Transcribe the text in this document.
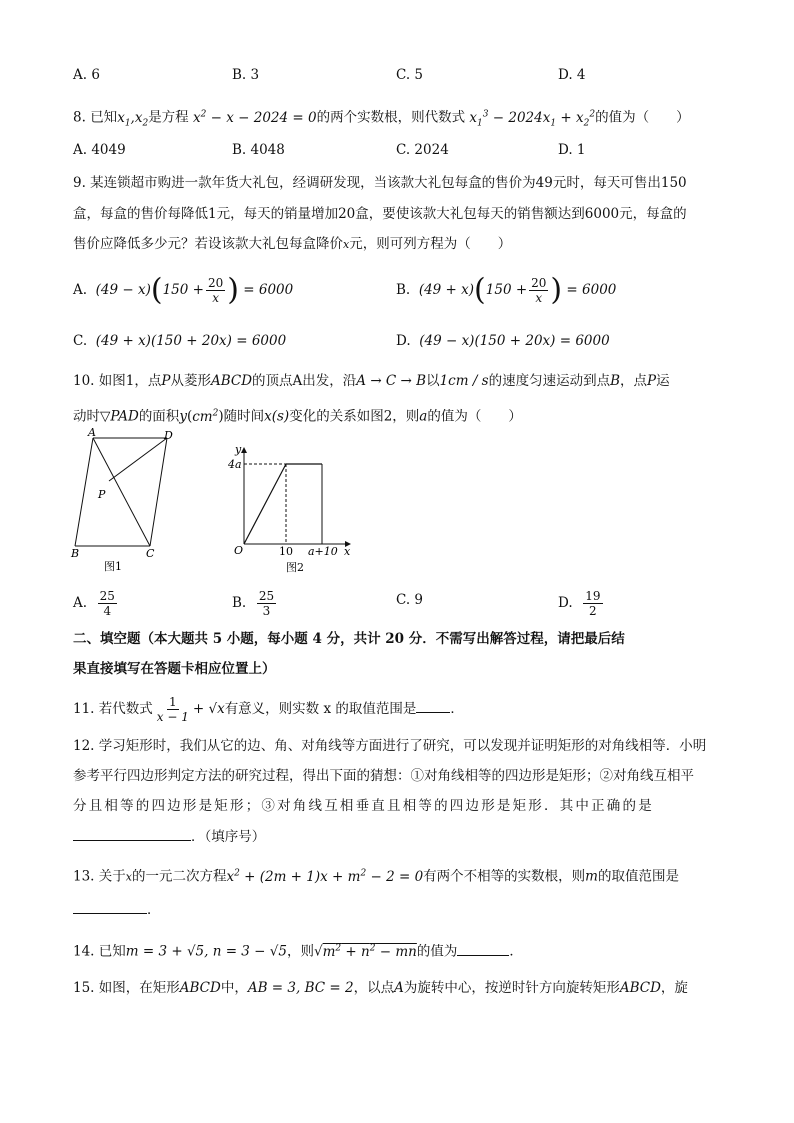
A. 6	B. 3	C. 5	D. 4
8. 已知$x_1,x_2$是方程 $x^2 - x - 2024 = 0$的两个实数根，则代数式 $x_1^3 - 2024x_1 + x_2^2$的值为（　　）
A. 4049	B. 4048	C. 2024	D. 1
9. 某连锁超市购进一款年货大礼包，经调研发现，当该款大礼包每盒的售价为49元时，每天可售出150
盒，每盒的售价每降低1元，每天的销量增加20盒，要使该款大礼包每天的销售额达到6000元，每盒的
售价应降低多少元？若设该款大礼包每盒降价x元，则可列方程为（　　）
A. $(49 - x)(150 + \frac{20}{x}$ ) = 6000	B. $(49 + x)(150 + \frac{20}{x}$ ) = 6000
C. (49 + x)(150 + 20x) = 6000	D. (49 − x)(150 + 20x) = 6000
10. 如图1，点P从菱形ABCD的顶点A出发，沿A → C → B以1cm / s的速度匀速运动到点B，点P运
动时▽PAD的面积$y(cm^2)$随时间x(s)变化的关系如图2，则a的值为（　　）
A	D
P
B	C
图1
y
4a
O	10 a+10 x
图2
A. $\frac{25}{4}$	B. $\frac{25}{3}$	C. 9	D. $\frac{19}{2}$
二、填空题（本大题共 5 小题，每小题 4 分，共计 20 分．不需写出解答过程，请把最后结
果直接填写在答题卡相应位置上）
11. 若代数式 $\frac{1}{x - 1} + √x$有意义，则实数 x 的取值范围是	．
12. 学习矩形时，我们从它的边、角、对角线等方面进行了研究，可以发现并证明矩形的对角线相等．小明
参考平行四边形判定方法的研究过程，得出下面的猜想：①对角线相等的四边形是矩形；②对角线互相平
分且相等的四边形是矩形；③对角线互相垂直且相等的四边形是矩形．其中正确的是
．（填序号）
13. 关于x的一元二次方程$x^2 + (2m + 1)x + m^2 - 2 = 0$有两个不相等的实数根，则m的取值范围是
．
14. 已知m = 3 + √5, n = 3 − √5，则$√m^2 + n^2$ − mn的值为	．
15. 如图，在矩形ABCD中，AB = 3, BC = 2，以点A为旋转中心，按逆时针方向旋转矩形ABCD，旋
